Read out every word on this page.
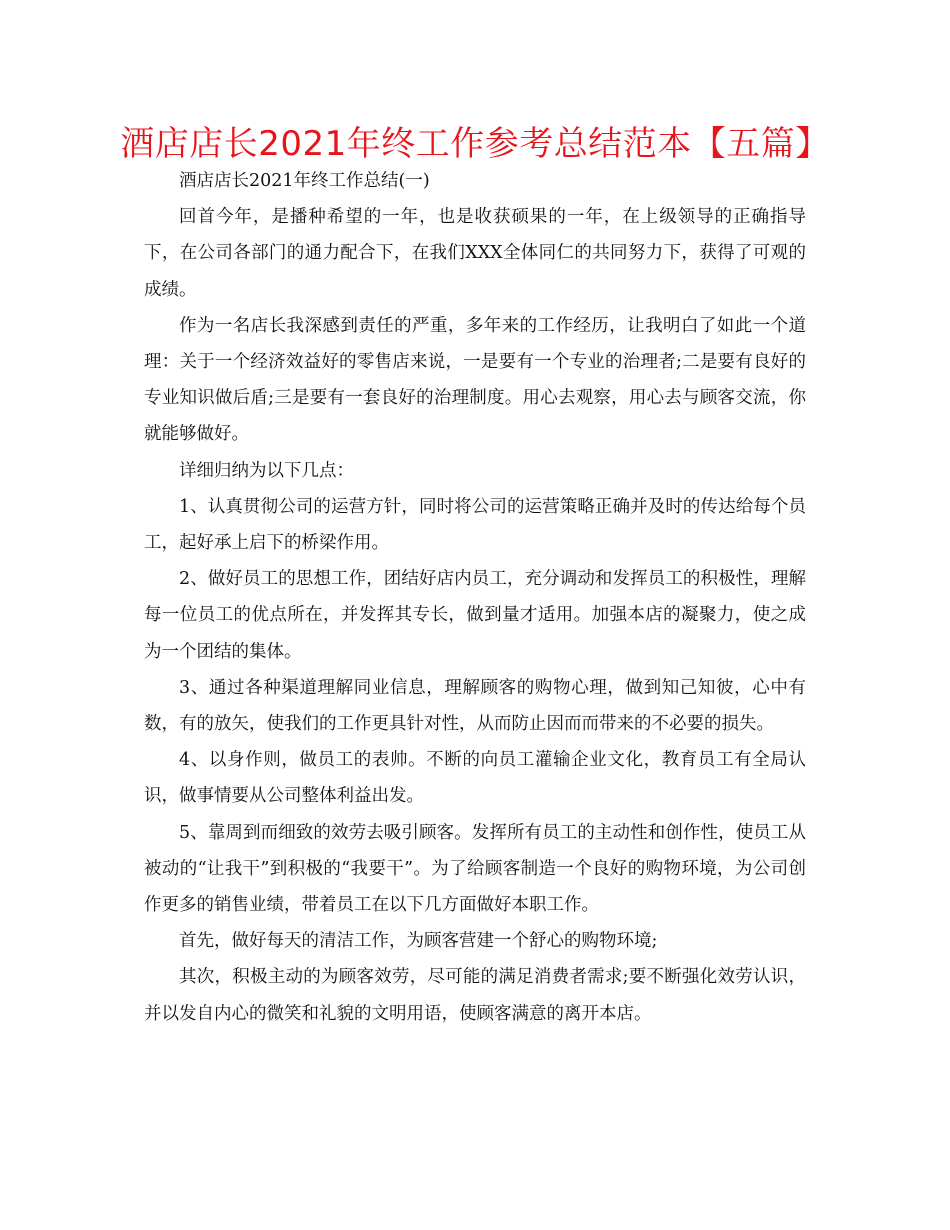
酒店店长2021年终工作参考总结范本【五篇】

酒店店长2021年终工作总结(一)

回首今年，是播种希望的一年，也是收获硕果的一年，在上级领导的正确指导下，在公司各部门的通力配合下，在我们XXX全体同仁的共同努力下，获得了可观的成绩。

作为一名店长我深感到责任的严重，多年来的工作经历，让我明白了如此一个道理：关于一个经济效益好的零售店来说，一是要有一个专业的治理者;二是要有良好的专业知识做后盾;三是要有一套良好的治理制度。用心去观察，用心去与顾客交流，你就能够做好。

详细归纳为以下几点：

1、认真贯彻公司的运营方针，同时将公司的运营策略正确并及时的传达给每个员工，起好承上启下的桥梁作用。

2、做好员工的思想工作，团结好店内员工，充分调动和发挥员工的积极性，理解每一位员工的优点所在，并发挥其专长，做到量才适用。加强本店的凝聚力，使之成为一个团结的集体。

3、通过各种渠道理解同业信息，理解顾客的购物心理，做到知己知彼，心中有数，有的放矢，使我们的工作更具针对性，从而防止因而而带来的不必要的损失。

4、以身作则，做员工的表帅。不断的向员工灌输企业文化，教育员工有全局认识，做事情要从公司整体利益出发。

5、靠周到而细致的效劳去吸引顾客。发挥所有员工的主动性和创作性，使员工从被动的“让我干”到积极的“我要干”。为了给顾客制造一个良好的购物环境，为公司创作更多的销售业绩，带着员工在以下几方面做好本职工作。

首先，做好每天的清洁工作，为顾客营建一个舒心的购物环境;

其次，积极主动的为顾客效劳，尽可能的满足消费者需求;要不断强化效劳认识，并以发自内心的微笑和礼貌的文明用语，使顾客满意的离开本店。
